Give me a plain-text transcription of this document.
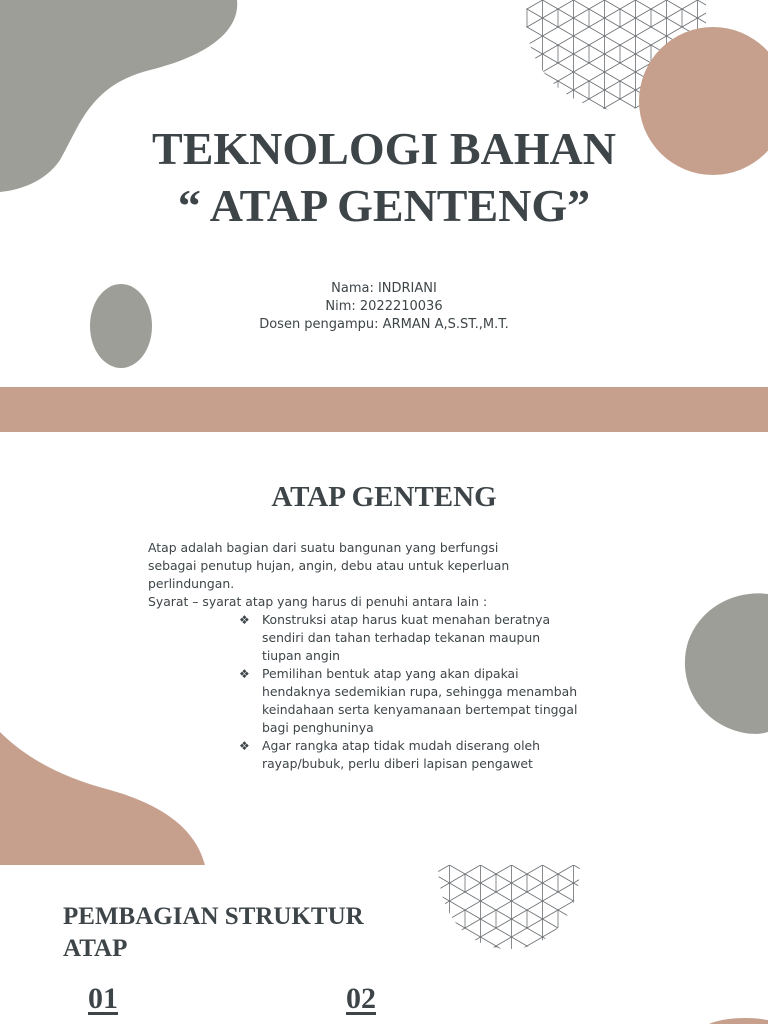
TEKNOLOGI BAHAN
“ ATAP GENTENG”
Nama: INDRIANI
Nim: 2022210036
Dosen pengampu: ARMAN A,S.ST.,M.T.
ATAP GENTENG

Atap adalah bagian dari suatu bangunan yang berfungsi sebagai penutup hujan, angin, debu atau untuk keperluan perlindungan.

Syarat – syarat atap yang harus di penuhi antara lain :

❖ Konstruksi atap harus kuat menahan beratnya sendiri dan tahan terhadap tekanan maupun tiupan angin
❖ Pemilihan bentuk atap yang akan dipakai hendaknya sedemikian rupa, sehingga menambah keindahaan serta kenyamanaan bertempat tinggal bagi penghuninya
❖ Agar rangka atap tidak mudah diserang oleh rayap/bubuk, perlu diberi lapisan pengawet
PEMBAGIAN STRUKTUR ATAP
01	02
